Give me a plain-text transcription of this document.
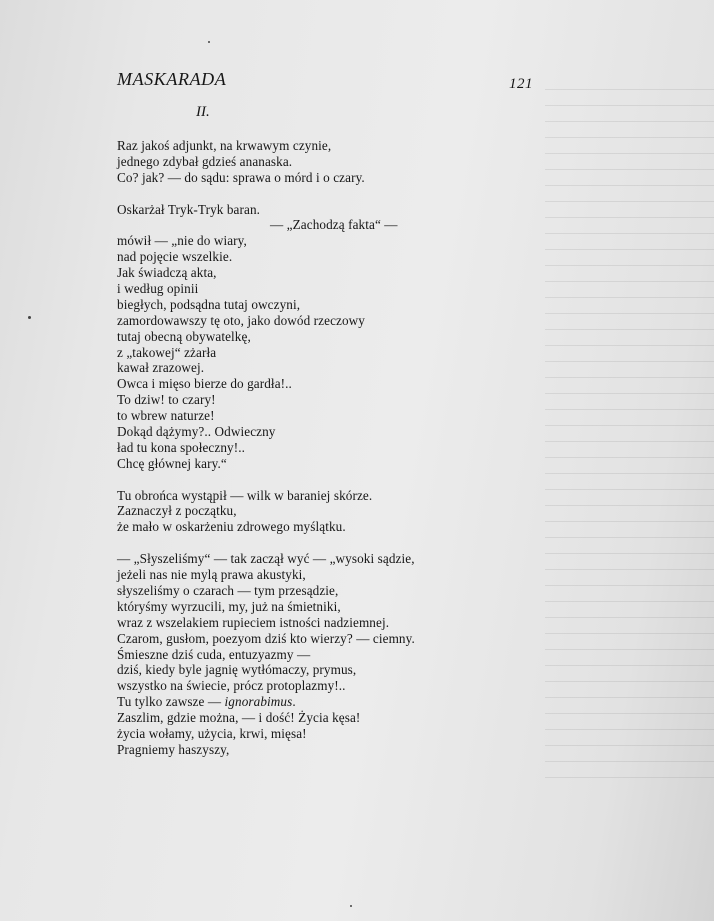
MASKARADA	121
II.
Raz jakoś adjunkt, na krwawym czynie,
jednego zdybał gdzieś ananaska.
Co? jak? — do sądu: sprawa o mórd i o czary.
Oskarżał Tryk-Tryk baran.
— „Zachodzą fakta“ —
mówił — „nie do wiary,
nad pojęcie wszelkie.
Jak świadczą akta,
i według opinii
biegłych, podsądna tutaj owczyni,
zamordowawszy tę oto, jako dowód rzeczowy
tutaj obecną obywatelkę,
z „takowej“ zżarła
kawał zrazowej.
Owca i mięso bierze do gardła!..
To dziw! to czary!
to wbrew naturze!
Dokąd dążymy?.. Odwieczny
ład tu kona społeczny!..
Chcę głównej kary.“
Tu obrońca wystąpił — wilk w baraniej skórze.
Zaznaczył z początku,
że mało w oskarżeniu zdrowego myślątku.
— „Słyszeliśmy“ — tak zaczął wyć — „wysoki sądzie,
jeżeli nas nie mylą prawa akustyki,
słyszeliśmy o czarach — tym przesądzie,
któryśmy wyrzucili, my, już na śmietniki,
wraz z wszelakiem rupieciem istności nadziemnej.
Czarom, gusłom, poezyom dziś kto wierzy? — ciemny.
Śmieszne dziś cuda, entuzyazmy —
dziś, kiedy byle jagnię wytłómaczy, prymus,
wszystko na świecie, prócz protoplazmy!..
Tu tylko zawsze — ignorabimus.
Zaszlim, gdzie można, — i dość! Życia kęsa!
życia wołamy, użycia, krwi, mięsa!
Pragniemy haszyszy,
